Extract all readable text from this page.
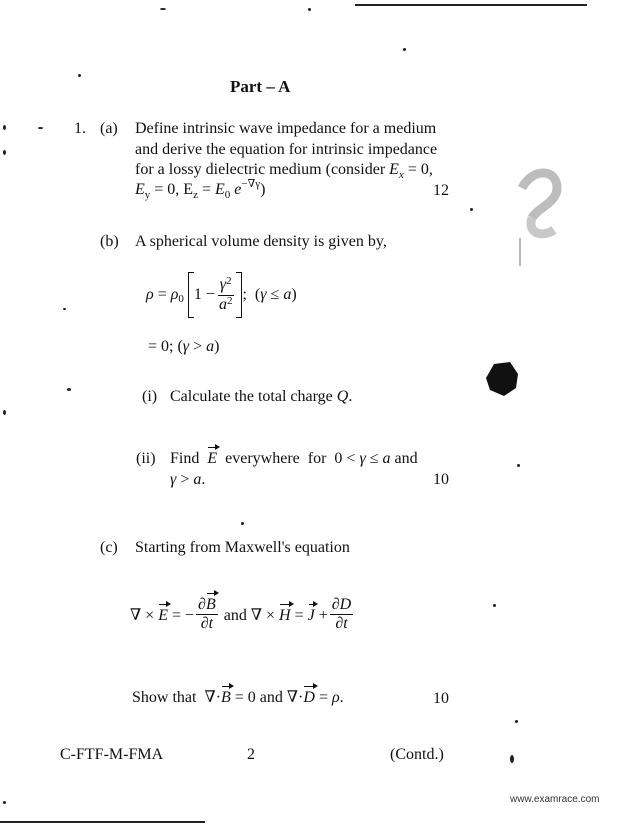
Part – A
1. (a) Define intrinsic wave impedance for a medium
and derive the equation for intrinsic impedance
for a lossy dielectric medium (consider $E_x = 0$,
$E_y = 0$, $E_z = E_0$ $e^{-\nabla\gamma}$)	12
(b) A spherical volume density is given by,
ρ = ρ 0 $1 - \frac{\gamma^2}{a^2}$ ;  (γ ≤ a)
= 0; (γ > a)
(i) Calculate the total charge Q.
(ii) Find E everywhere for  0 < γ ≤ a and
γ > a.	10
(c) Starting from Maxwell's equation
∇ × E = − $\frac{\partial B}{\partial t}$ and ∇ × $H = J + \frac{\partial D}{\partial t}$
Show that ∇·B = 0 and ∇·D = ρ.	10
C-FTF-M-FMA	2	(Contd.)
www.examrace.com
